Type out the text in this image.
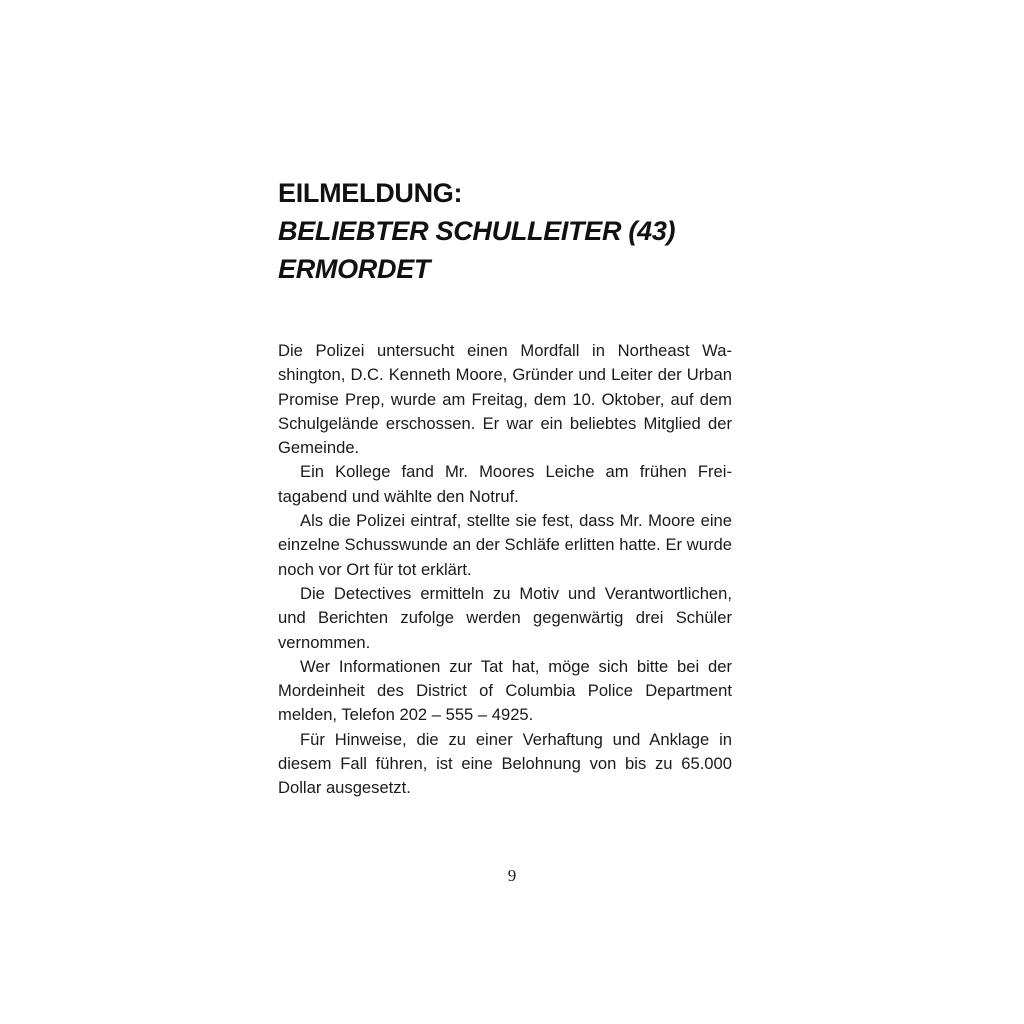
EILMELDUNG:
BELIEBTER SCHULLEITER (43)
ERMORDET

Die Polizei untersucht einen Mordfall in Northeast Washington, D.C. Kenneth Moore, Gründer und Leiter der Urban Promise Prep, wurde am Freitag, dem 10. Oktober, auf dem Schulgelände erschossen. Er war ein beliebtes Mitglied der Gemeinde.

Ein Kollege fand Mr. Moores Leiche am frühen Freitagabend und wählte den Notruf.

Als die Polizei eintraf, stellte sie fest, dass Mr. Moore eine einzelne Schusswunde an der Schläfe erlitten hatte. Er wurde noch vor Ort für tot erklärt.

Die Detectives ermitteln zu Motiv und Verantwortlichen, und Berichten zufolge werden gegenwärtig drei Schüler vernommen.

Wer Informationen zur Tat hat, möge sich bitte bei der Mordeinheit des District of Columbia Police Department melden, Telefon 202 – 555 – 4925.

Für Hinweise, die zu einer Verhaftung und Anklage in diesem Fall führen, ist eine Belohnung von bis zu 65.000 Dollar ausgesetzt.

9
